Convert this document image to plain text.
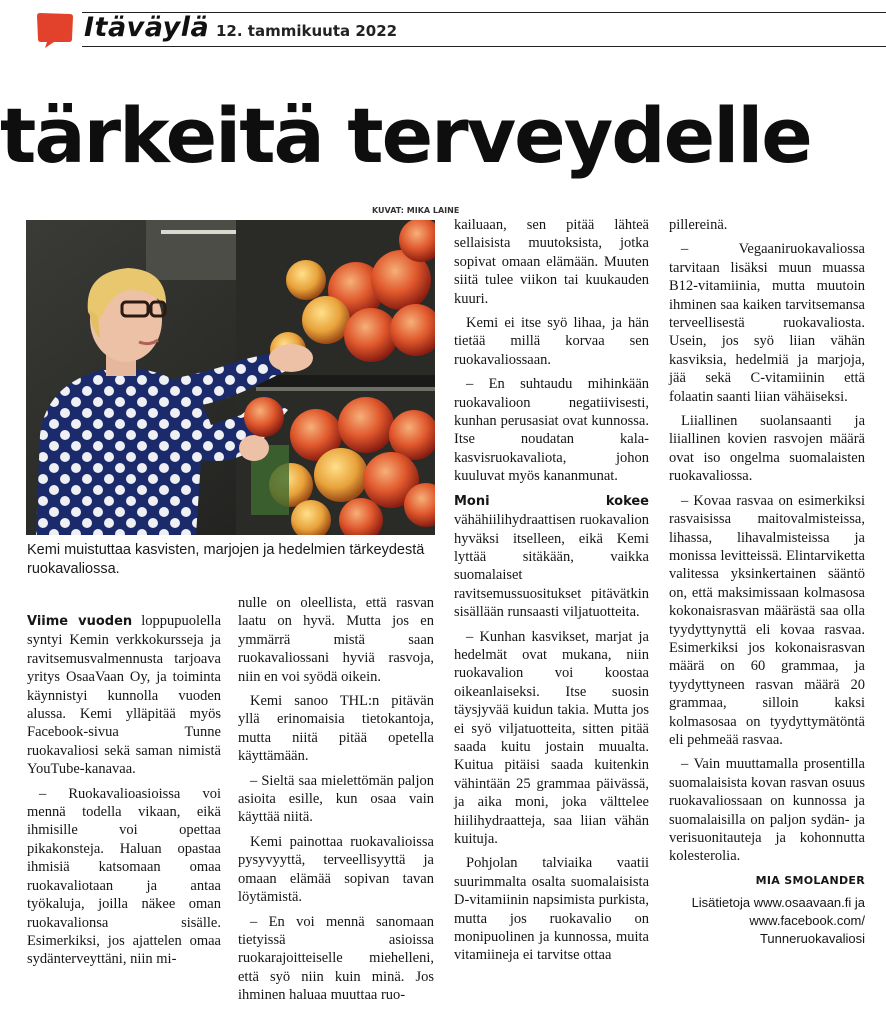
Itäväylä 12. tammikuuta 2022
tärkeitä terveydelle
KUVAT: MIKA LAINE
Kemi muistuttaa kasvisten, marjojen ja hedelmien tärkeydestä ruokavaliossa.

Viime vuoden loppupuolella syntyi Kemin verkkokursseja ja ravitsemusvalmennusta tarjoava yritys OsaaVaan Oy, ja toiminta käynnistyi kunnolla vuoden alussa. Kemi ylläpitää myös Facebook-sivua Tunne ruokavaliosi sekä saman nimistä YouTube-kanavaa.

– Ruokavalioasioissa voi mennä todella vikaan, eikä ihmisille voi opettaa pikakonsteja. Haluan opastaa ihmisiä katsomaan omaa ruokavaliotaan ja antaa työkaluja, joilla näkee oman ruokavalionsa sisälle. Esimerkiksi, jos ajattelen omaa sydänterveyttäni, niin mi-

nulle on oleellista, että rasvan laatu on hyvä. Mutta jos en ymmärrä mistä saan ruokavaliossani hyviä rasvoja, niin en voi syödä oikein.

Kemi sanoo THL:n pitävän yllä erinomaisia tietokantoja, mutta niitä pitää opetella käyttämään.

– Sieltä saa mielettömän paljon asioita esille, kun osaa vain käyttää niitä.

Kemi painottaa ruokavalioissa pysyvyyttä, terveellisyyttä ja omaan elämää sopivan tavan löytämistä.

– En voi mennä sanomaan tietyissä asioissa ruokarajoitteiselle miehelleni, että syö niin kuin minä. Jos ihminen haluaa muuttaa ruo-

kailuaan, sen pitää lähteä sellaisista muutoksista, jotka sopivat omaan elämään. Muuten siitä tulee viikon tai kuukauden kuuri.

Kemi ei itse syö lihaa, ja hän tietää millä korvaa sen ruokavaliossaan.

– En suhtaudu mihinkään ruokavalioon negatiivisesti, kunhan perusasiat ovat kunnossa. Itse noudatan kala-kasvisruokavaliota, johon kuuluvat myös kananmunat.

Moni kokee vähähiilihydraattisen ruokavalion hyväksi itselleen, eikä Kemi lyttää sitäkään, vaikka suomalaiset ravitsemussuositukset pitävätkin sisällään runsaasti viljatuotteita.

– Kunhan kasvikset, marjat ja hedelmät ovat mukana, niin ruokavalion voi koostaa oikeanlaiseksi. Itse suosin täysjyvää kuidun takia. Mutta jos ei syö viljatuotteita, sitten pitää saada kuitu jostain muualta. Kuitua pitäisi saada kuitenkin vähintään 25 grammaa päivässä, ja aika moni, joka välttelee hiilihydraatteja, saa liian vähän kuituja.

Pohjolan talviaika vaatii suurimmalta osalta suomalaisista D-vitamiinin napsimista purkista, mutta jos ruokavalio on monipuolinen ja kunnossa, muita vitamiineja ei tarvitse ottaa

pillereinä.

– Vegaaniruokavaliossa tarvitaan lisäksi muun muassa B12-vitamiinia, mutta muutoin ihminen saa kaiken tarvitsemansa terveellisestä ruokavaliosta. Usein, jos syö liian vähän kasviksia, hedelmiä ja marjoja, jää sekä C-vitamiinin että folaatin saanti liian vähäiseksi.

Liiallinen suolansaanti ja liiallinen kovien rasvojen määrä ovat iso ongelma suomalaisten ruokavaliossa.

– Kovaa rasvaa on esimerkiksi rasvaisissa maitovalmisteissa, lihassa, lihavalmisteissa ja monissa levitteissä. Elintarviketta valitessa yksinkertainen sääntö on, että maksimissaan kolmasosa kokonaisrasvan määrästä saa olla tyydyttynyttä eli kovaa rasvaa. Esimerkiksi jos kokonaisrasvan määrä on 60 grammaa, ja tyydyttyneen rasvan määrä 20 grammaa, silloin kaksi kolmasosaa on tyydyttymätöntä eli pehmeää rasvaa.

– Vain muuttamalla prosentilla suomalaisista kovan rasvan osuus ruokavaliossaan on kunnossa ja suomalaisilla on paljon sydän- ja verisuonitauteja ja kohonnutta kolesterolia.

MIA SMOLANDER
Lisätietoja www.osaavaan.fi ja
www.facebook.com/
Tunneruokavaliosi
